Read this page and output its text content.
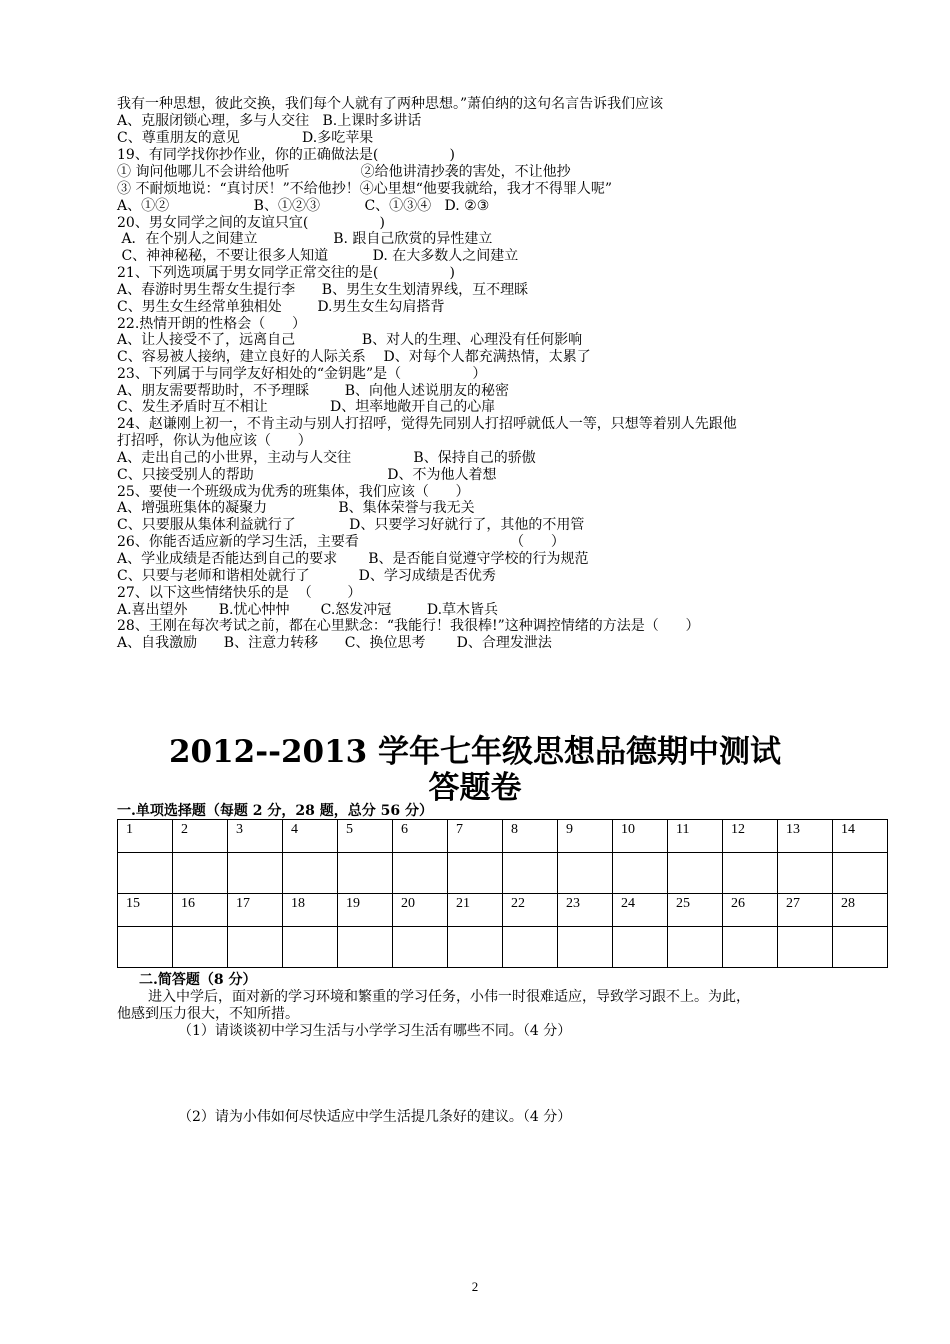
我有一种思想，彼此交换，我们每个人就有了两种思想。”萧伯纳的这句名言告诉我们应该
A、克服闭锁心理，多与人交往   B.上课时多讲话
C、尊重朋友的意见              D.多吃苹果
19、有同学找你抄作业，你的正确做法是(                )
① 询问他哪儿不会讲给他听                ②给他讲清抄袭的害处，不让他抄
③ 不耐烦地说：“真讨厌！”不给他抄！④心里想“他要我就给，我才不得罪人呢”
A、①②                   B、①②③          C、①③④   D. ②③
20、男女同学之间的友谊只宜(                )
A．在个别人之间建立                 B. 跟自己欣赏的异性建立
C、神神秘秘，不要让很多人知道          D. 在大多数人之间建立
21、下列选项属于男女同学正常交往的是(                )
A、春游时男生帮女生提行李      B、男生女生划清界线，互不理睬
C、男生女生经常单独相处        D.男生女生勾肩搭背
22.热情开朗的性格会（      ）
A、让人接受不了，远离自己               B、对人的生理、心理没有任何影响
C、容易被人接纳，建立良好的人际关系    D、对每个人都充满热情，太累了
23、下列属于与同学友好相处的“金钥匙”是（                ）
A、朋友需要帮助时，不予理睬        B、向他人述说朋友的秘密
C、发生矛盾时互不相让              D、坦率地敞开自己的心扉
24、赵谦刚上初一，不肯主动与别人打招呼，觉得先同别人打招呼就低人一等，只想等着别人先跟他
打招呼，你认为他应该（      ）
A、走出自己的小世界，主动与人交往              B、保持自己的骄傲
C、只接受别人的帮助                              D、不为他人着想
25、要使一个班级成为优秀的班集体，我们应该（      ）
A、增强班集体的凝聚力                B、集体荣誉与我无关
C、只要服从集体利益就行了            D、只要学习好就行了，其他的不用管
26、你能否适应新的学习生活，主要看                                  （      ）
A、学业成绩是否能达到自己的要求       B、是否能自觉遵守学校的行为规范
C、只要与老师和谐相处就行了           D、学习成绩是否优秀
27、以下这些情绪快乐的是  （        ）
A.喜出望外       B.忧心忡忡       C.怒发冲冠        D.草木皆兵
28、王刚在每次考试之前，都在心里默念：“我能行！我很棒!”这种调控情绪的方法是（      ）
A、自我激励      B、注意力转移      C、换位思考       D、合理发泄法
2012--2013 学年七年级思想品德期中测试
答题卷
一.单项选择题（每题 2 分，28 题，总分 56 分）
1	2	3	4	5	6	7	8	9	10	11	12	13	14

15	16	17	18	19	20	21	22	23	24	25	26	27	28

二.简答题（8 分）
进入中学后，面对新的学习环境和繁重的学习任务，小伟一时很难适应，导致学习跟不上。为此，
他感到压力很大，不知所措。
（1）请谈谈初中学习生活与小学学习生活有哪些不同。（4 分）
（2）请为小伟如何尽快适应中学生活提几条好的建议。（4 分）
2
